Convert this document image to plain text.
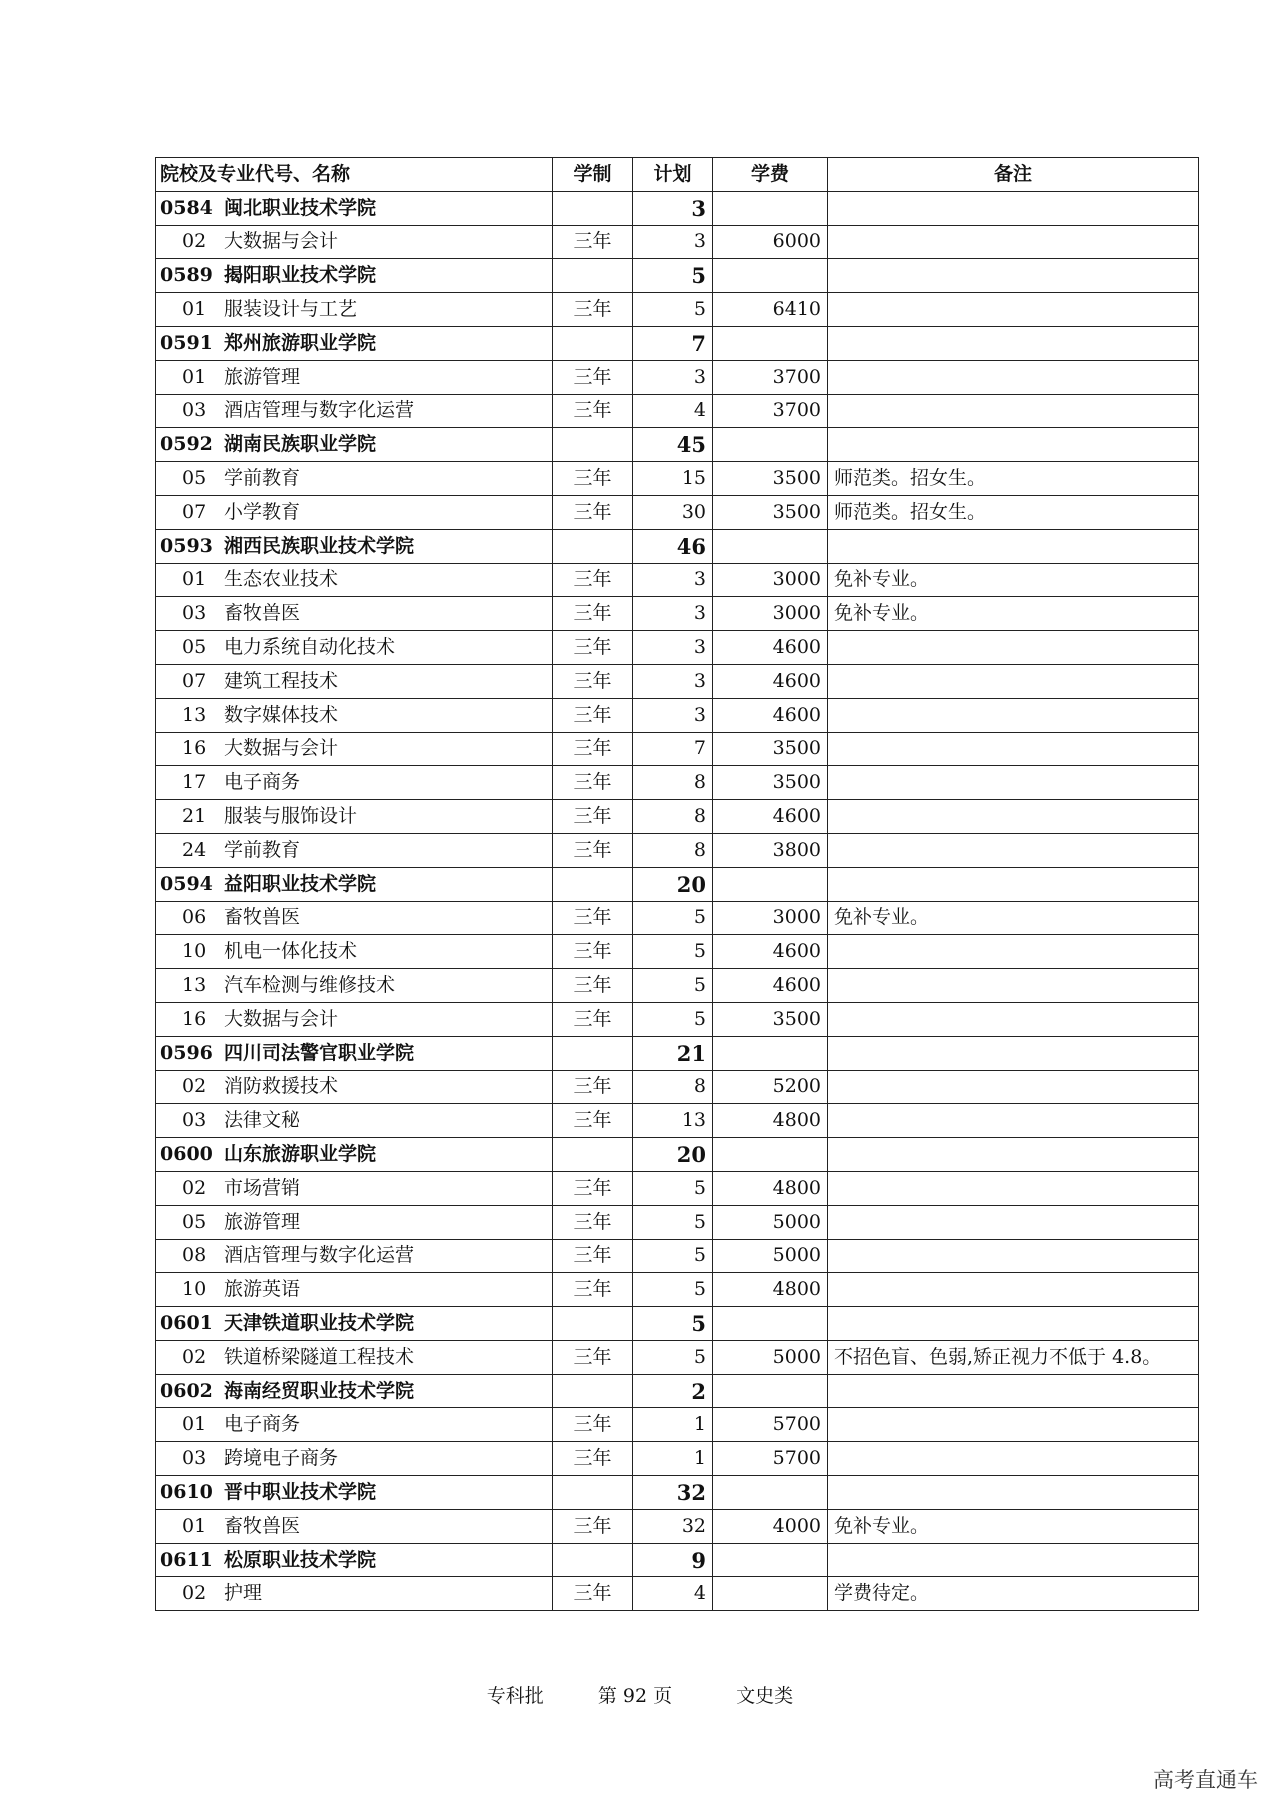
院校及专业代号、名称	学制	计划	学费	备注
0584 闽北职业技术学院		3		
02 大数据与会计	三年	3	6000	
0589 揭阳职业技术学院		5		
01 服装设计与工艺	三年	5	6410	
0591 郑州旅游职业学院		7		
01 旅游管理	三年	3	3700	
03 酒店管理与数字化运营	三年	4	3700	
0592 湖南民族职业学院		45		
05 学前教育	三年	15	3500	师范类。招女生。
07 小学教育	三年	30	3500	师范类。招女生。
0593 湘西民族职业技术学院		46		
01 生态农业技术	三年	3	3000	免补专业。
03 畜牧兽医	三年	3	3000	免补专业。
05 电力系统自动化技术	三年	3	4600	
07 建筑工程技术	三年	3	4600	
13 数字媒体技术	三年	3	4600	
16 大数据与会计	三年	7	3500	
17 电子商务	三年	8	3500	
21 服装与服饰设计	三年	8	4600	
24 学前教育	三年	8	3800	
0594 益阳职业技术学院		20		
06 畜牧兽医	三年	5	3000	免补专业。
10 机电一体化技术	三年	5	4600	
13 汽车检测与维修技术	三年	5	4600	
16 大数据与会计	三年	5	3500	
0596 四川司法警官职业学院		21		
02 消防救援技术	三年	8	5200	
03 法律文秘	三年	13	4800	
0600 山东旅游职业学院		20		
02 市场营销	三年	5	4800	
05 旅游管理	三年	5	5000	
08 酒店管理与数字化运营	三年	5	5000	
10 旅游英语	三年	5	4800	
0601 天津铁道职业技术学院		5		
02 铁道桥梁隧道工程技术	三年	5	5000	不招色盲、色弱,矫正视力不低于 4.8。
0602 海南经贸职业技术学院		2		
01 电子商务	三年	1	5700	
03 跨境电子商务	三年	1	5700	
0610 晋中职业技术学院		32		
01 畜牧兽医	三年	32	4000	免补专业。
0611 松原职业技术学院		9		
02 护理	三年	4		学费待定。
专科批	第 92 页	文史类
高考直通车
